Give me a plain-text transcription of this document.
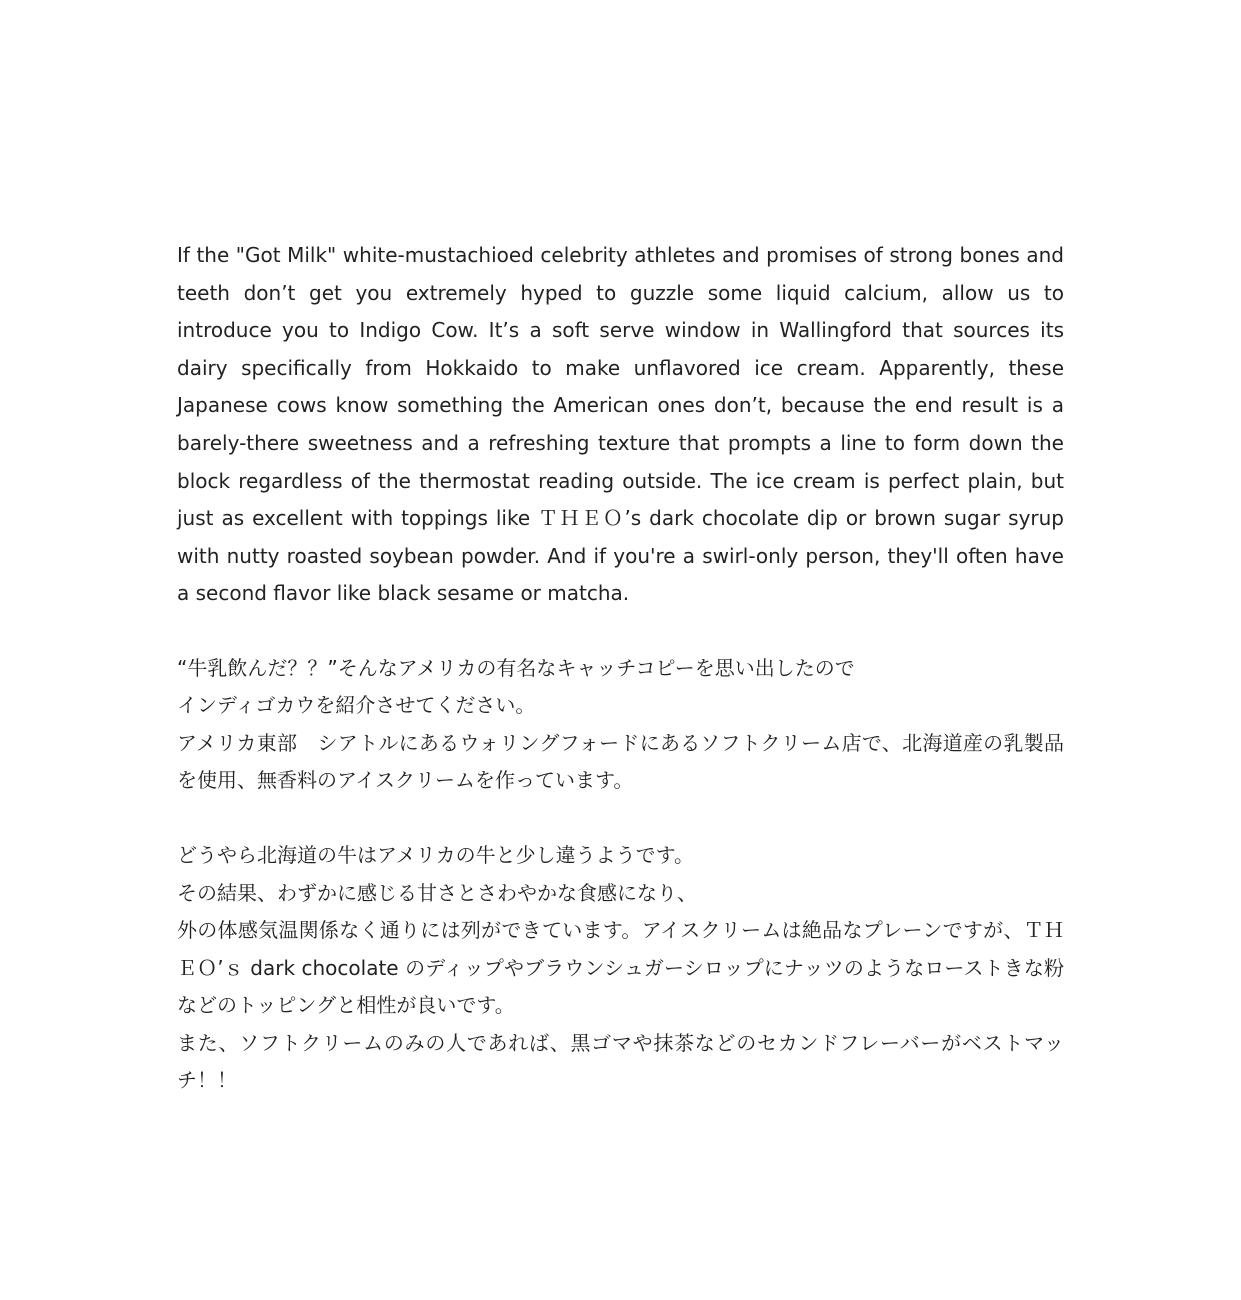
If the "Got Milk" white-mustachioed celebrity athletes and promises of strong bones and teeth don’t get you extremely hyped to guzzle some liquid calcium, allow us to introduce you to Indigo Cow. It’s a soft serve window in Wallingford that sources its dairy specifically from Hokkaido to make unflavored ice cream. Apparently, these Japanese cows know something the American ones don’t, because the end result is a barely-there sweetness and a refreshing texture that prompts a line to form down the block regardless of the thermostat reading outside. The ice cream is perfect plain, but just as excellent with toppings like ＴＨＥＯ’s dark chocolate dip or brown sugar syrup with nutty roasted soybean powder. And if you're a swirl-only person, they'll often have a second flavor like black sesame or matcha.

“牛乳飲んだ？？”そんなアメリカの有名なキャッチコピーを思い出したので
インディゴカウを紹介させてください。
アメリカ東部　シアトルにあるウォリングフォードにあるソフトクリーム店で、北海道産の乳製品を使用、無香料のアイスクリームを作っています。
どうやら北海道の牛はアメリカの牛と少し違うようです。
その結果、わずかに感じる甘さとさわやかな食感になり、
外の体感気温関係なく通りには列ができています。アイスクリームは絶品なプレーンですが、ＴＨＥＯ’ｓ dark chocolate のディップやブラウンシュガーシロップにナッツのようなローストきな粉などのトッピングと相性が良いです。
また、ソフトクリームのみの人であれば、黒ゴマや抹茶などのセカンドフレーバーがベストマッチ！！
